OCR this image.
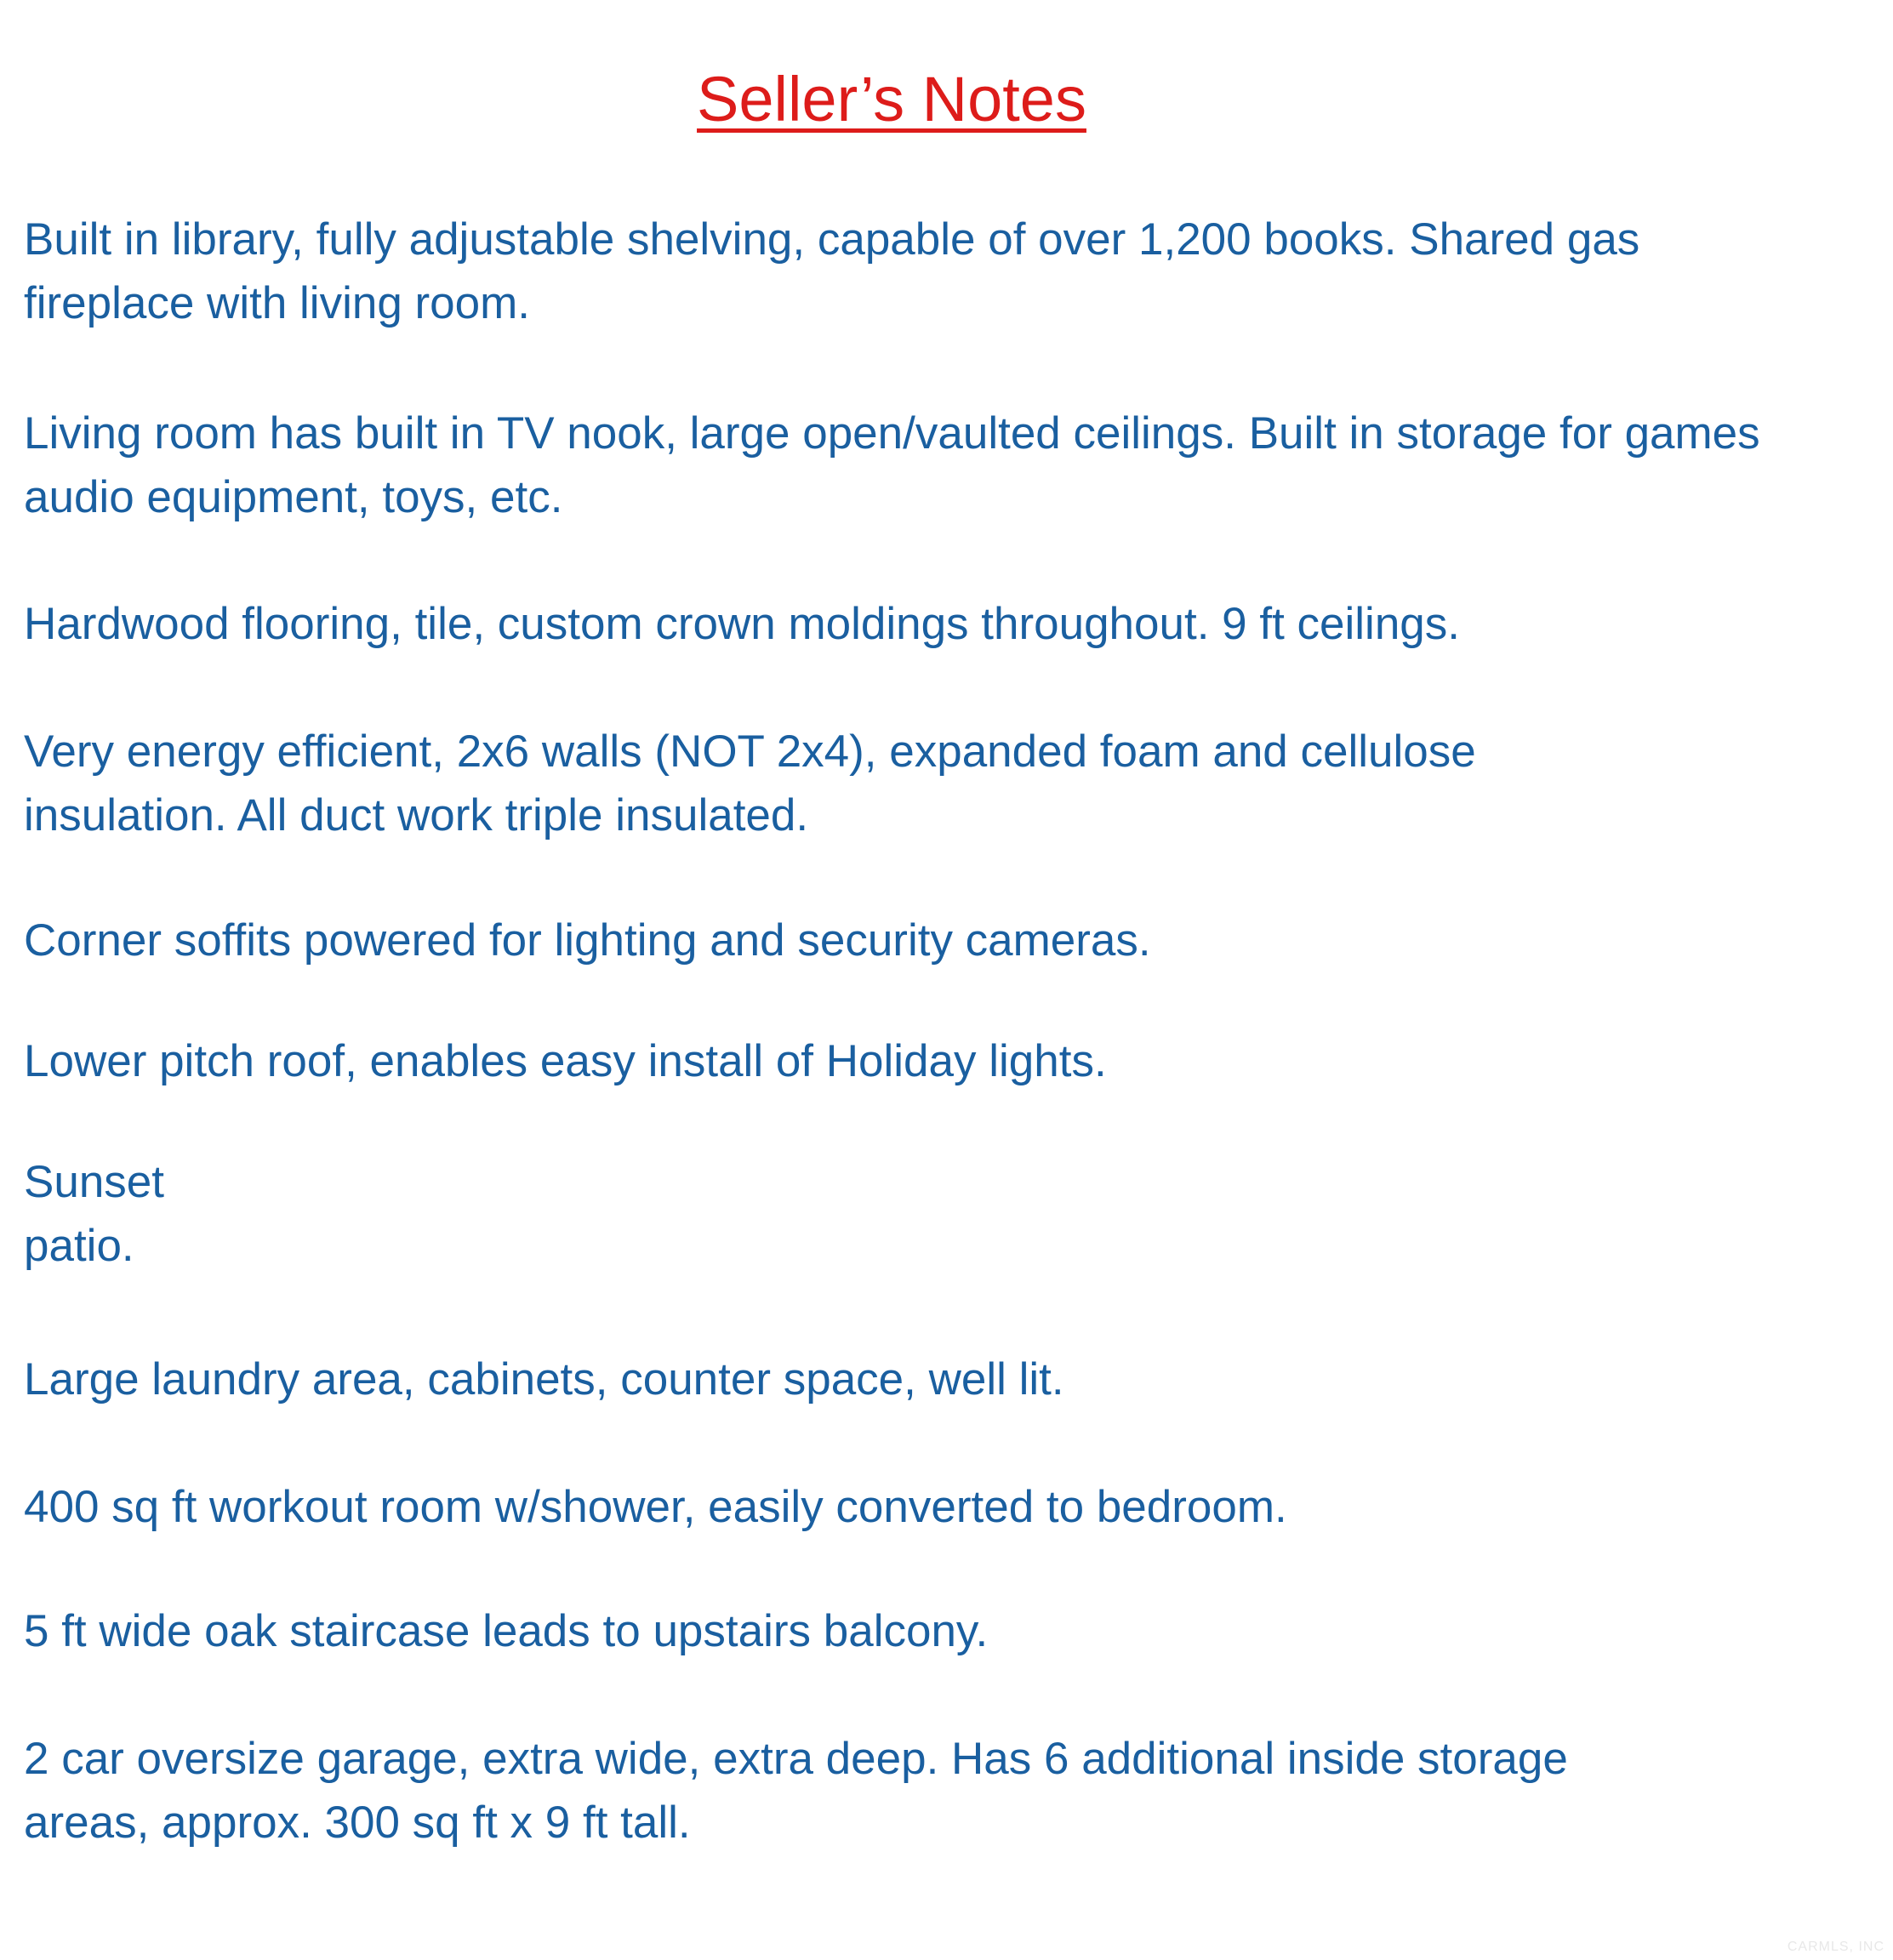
Seller’s Notes

Built in library, fully adjustable shelving, capable of over 1,200 books. Shared gas
fireplace with living room.

Living room has built in TV nook, large open/vaulted ceilings. Built in storage for games
audio equipment, toys, etc.

Hardwood flooring, tile, custom crown moldings throughout. 9 ft ceilings.

Very energy efficient, 2x6 walls (NOT 2x4), expanded foam and cellulose
insulation. All duct work triple insulated.

Corner soffits powered for lighting and security cameras.

Lower pitch roof, enables easy install of Holiday lights.

Sunset
patio.

Large laundry area, cabinets, counter space, well lit.

400 sq ft workout room w/shower, easily converted to bedroom.

5 ft wide oak staircase leads to upstairs balcony.

2 car oversize garage, extra wide, extra deep. Has 6 additional inside storage
areas, approx. 300 sq ft x 9 ft tall.

CARMLS, INC
